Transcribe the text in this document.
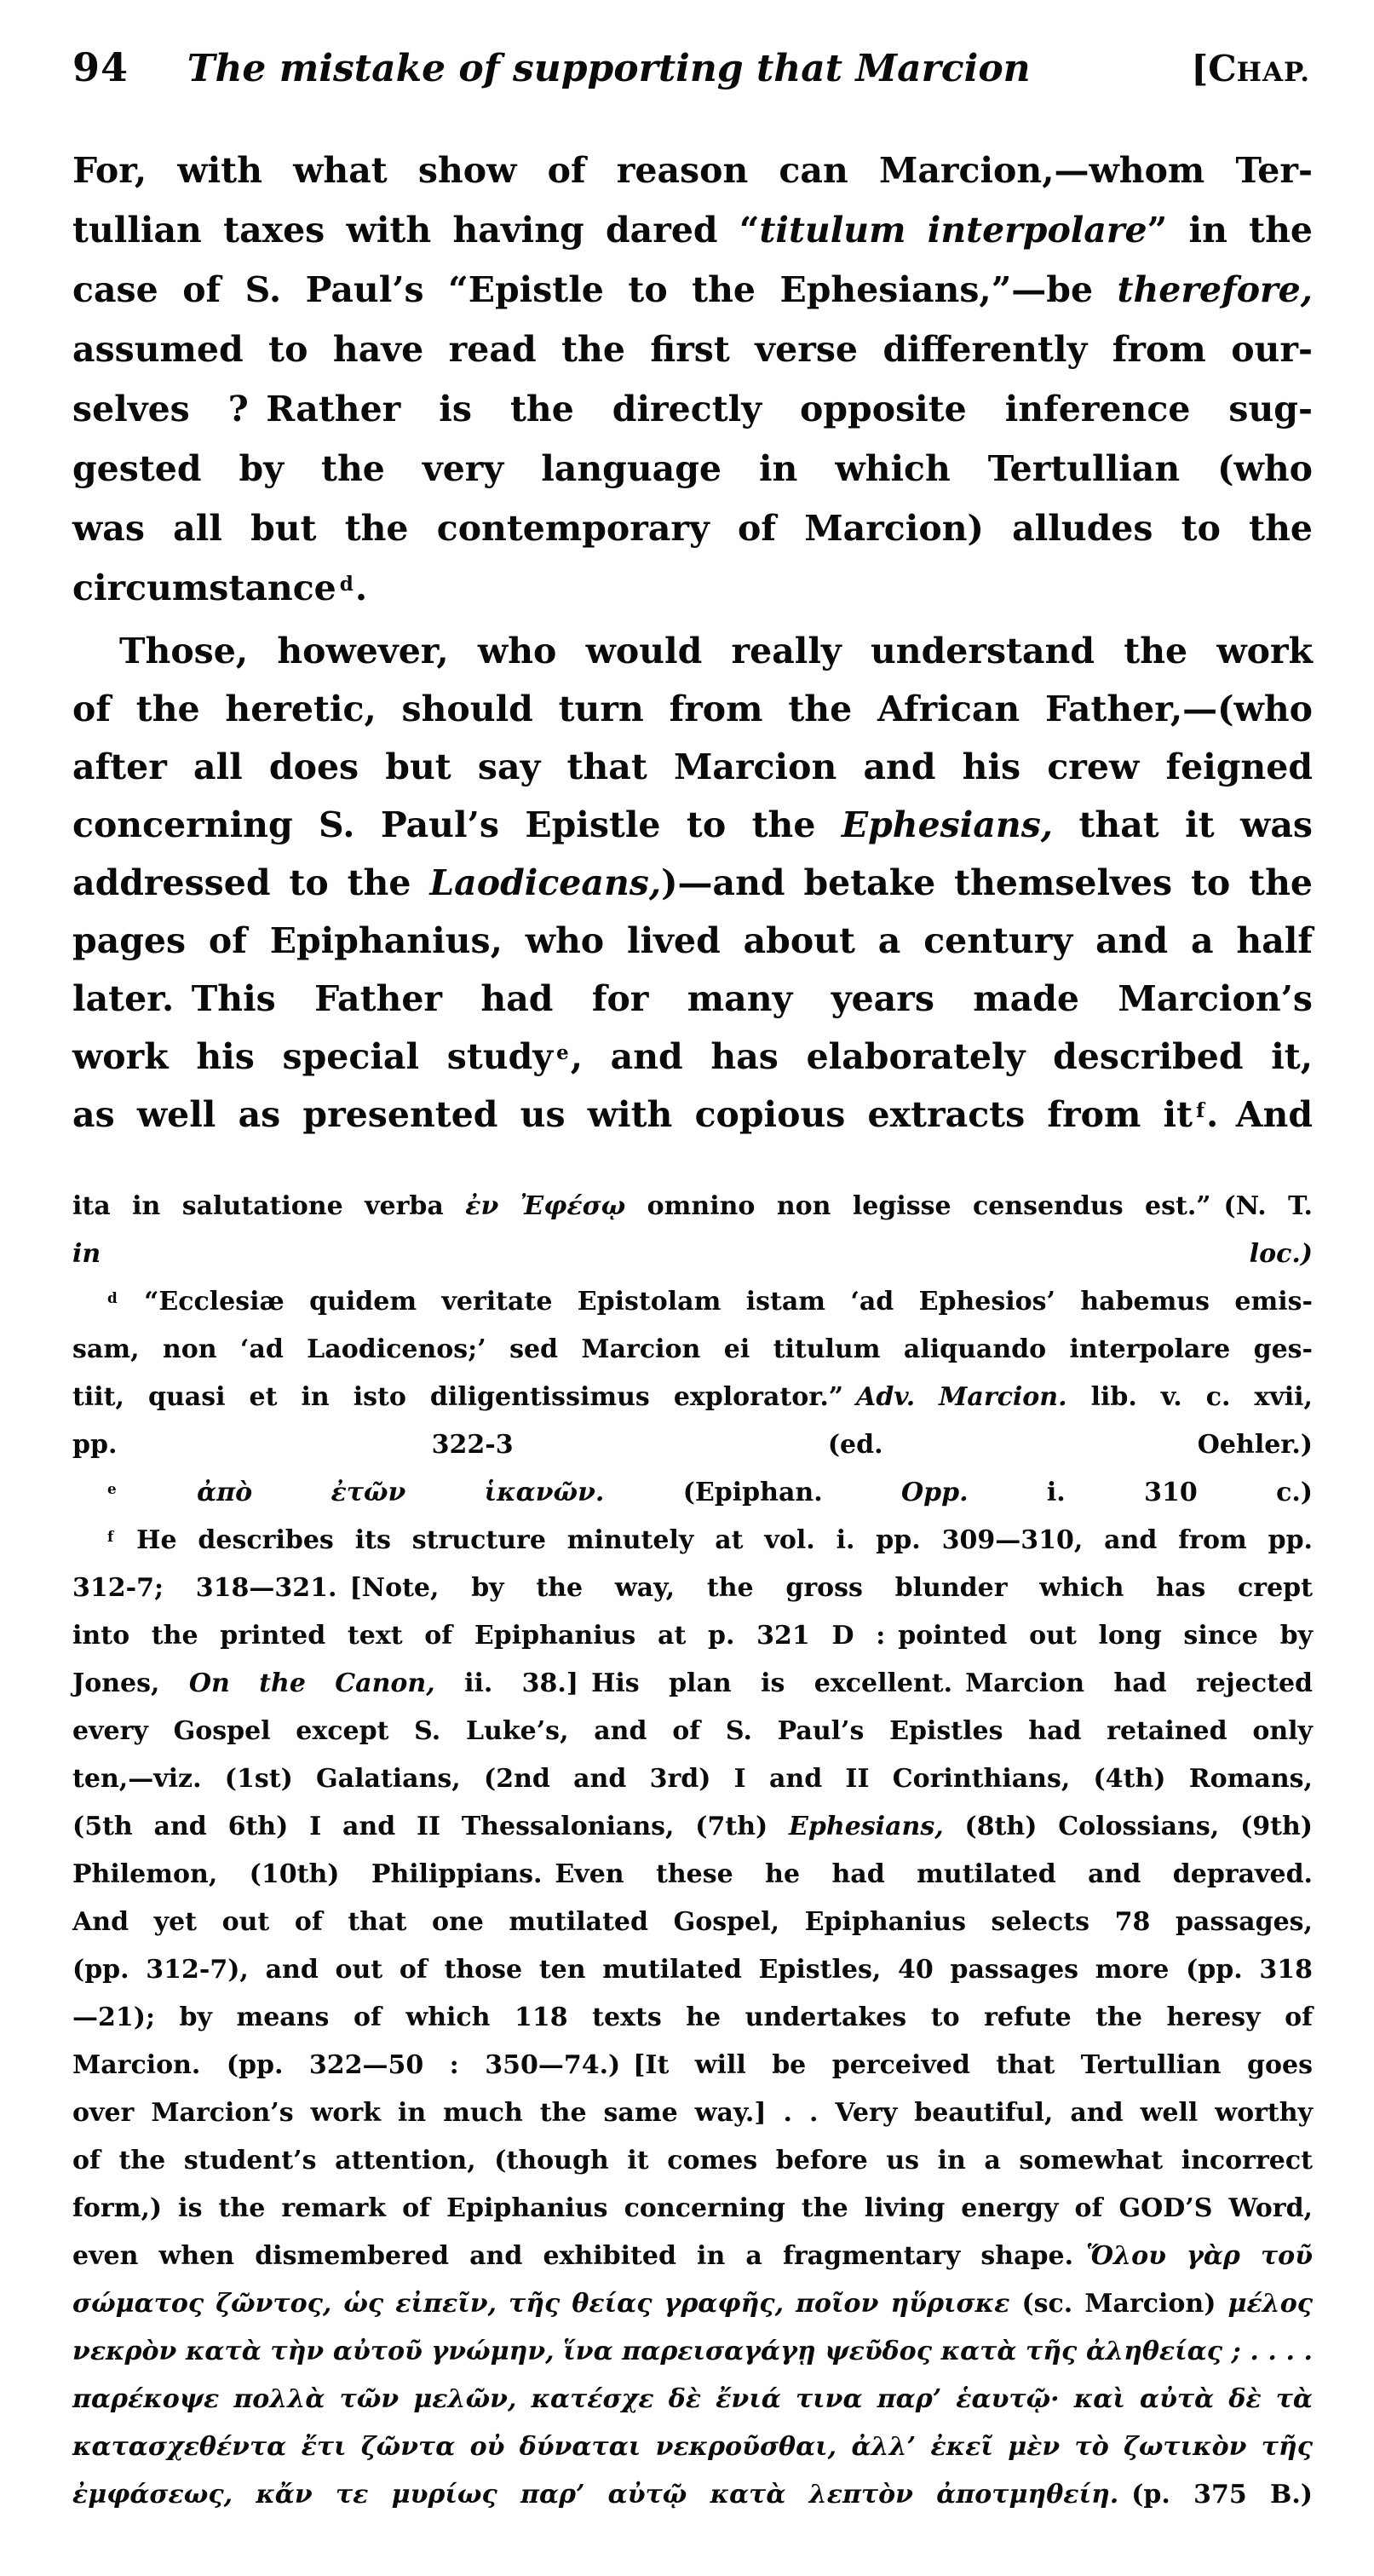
94	The mistake of supporting that Marcion	[CHAP.
For, with what show of reason can Marcion,—whom Ter-
tullian taxes with having dared “titulum interpolare” in the
case of S. Paul’s “Epistle to the Ephesians,”—be therefore,
assumed to have read the first verse differently from our-
selves ? Rather is the directly opposite inference sug-
gested by the very language in which Tertullian (who
was all but the contemporary of Marcion) alludes to the
circumstance $^d$.
Those, however, who would really understand the work
of the heretic, should turn from the African Father,—(who
after all does but say that Marcion and his crew feigned
concerning S. Paul’s Epistle to the Ephesians, that it was
addressed to the Laodiceans,)—and betake themselves to the
pages of Epiphanius, who lived about a century and a half
later. This Father had for many years made Marcion’s
work his special study $^e$, and has elaborately described it,
as well as presented us with copious extracts from it $^f$. And
ita in salutatione verba ἐν Ἐφέσῳ omnino non legisse censendus est.” (N. T.
in loc.)
$^d$ “Ecclesiæ quidem veritate Epistolam istam ‘ad Ephesios’ habemus emis-
sam, non ‘ad Laodicenos;’ sed Marcion ei titulum aliquando interpolare ges-
tiit, quasi et in isto diligentissimus explorator.” Adv. Marcion. lib. v. c. xvii,
pp. 322-3 (ed. Oehler.)
$^e$	ἀπὸ ἐτῶν ἱκανῶν. (Epiphan. Opp. i. 310 c.)
$^f$ He describes its structure minutely at vol. i. pp. 309—310, and from pp.
312-7; 318—321. [Note, by the way, the gross blunder which has crept
into the printed text of Epiphanius at p. 321 D : pointed out long since by
Jones, On the Canon, ii. 38.] His plan is excellent. Marcion had rejected
every Gospel except S. Luke’s, and of S. Paul’s Epistles had retained only
ten,—viz. (1st) Galatians, (2nd and 3rd) I and II Corinthians, (4th) Romans,
(5th and 6th) I and II Thessalonians, (7th) Ephesians, (8th) Colossians, (9th)
Philemon, (10th) Philippians. Even these he had mutilated and depraved.
And yet out of that one mutilated Gospel, Epiphanius selects 78 passages,
(pp. 312-7), and out of those ten mutilated Epistles, 40 passages more (pp. 318
—21); by means of which 118 texts he undertakes to refute the heresy of
Marcion. (pp. 322—50 : 350—74.) [It will be perceived that Tertullian goes
over Marcion’s work in much the same way.] . . Very beautiful, and well worthy
of the student’s attention, (though it comes before us in a somewhat incorrect
form,) is the remark of Epiphanius concerning the living energy of GOD’S Word,
even when dismembered and exhibited in a fragmentary shape. Ὅλου γὰρ τοῦ
σώματος ζῶντος, ὡς εἰπεῖν, τῆς θείας γραφῆς, ποῖον ηὕρισκε (sc. Marcion) μέλος
νεκρὸν κατὰ τὴν αὐτοῦ γνώμην, ἵνα παρεισαγάγῃ ψεῦδος κατὰ τῆς ἀληθείας ; . . . .
παρέκοψε πολλὰ τῶν μελῶν, κατέσχε δὲ ἔνιά τινα παρ’ ἑαυτῷ· καὶ αὐτὰ δὲ τὰ
κατασχεθέντα ἔτι ζῶντα οὐ δύναται νεκροῦσθαι, ἀλλ’ ἐκεῖ μὲν τὸ ζωτικὸν τῆς
ἐμφάσεως, κἄν τε μυρίως παρ’ αὐτῷ κατὰ λεπτὸν ἀποτμηθείη. (p. 375 B.)
